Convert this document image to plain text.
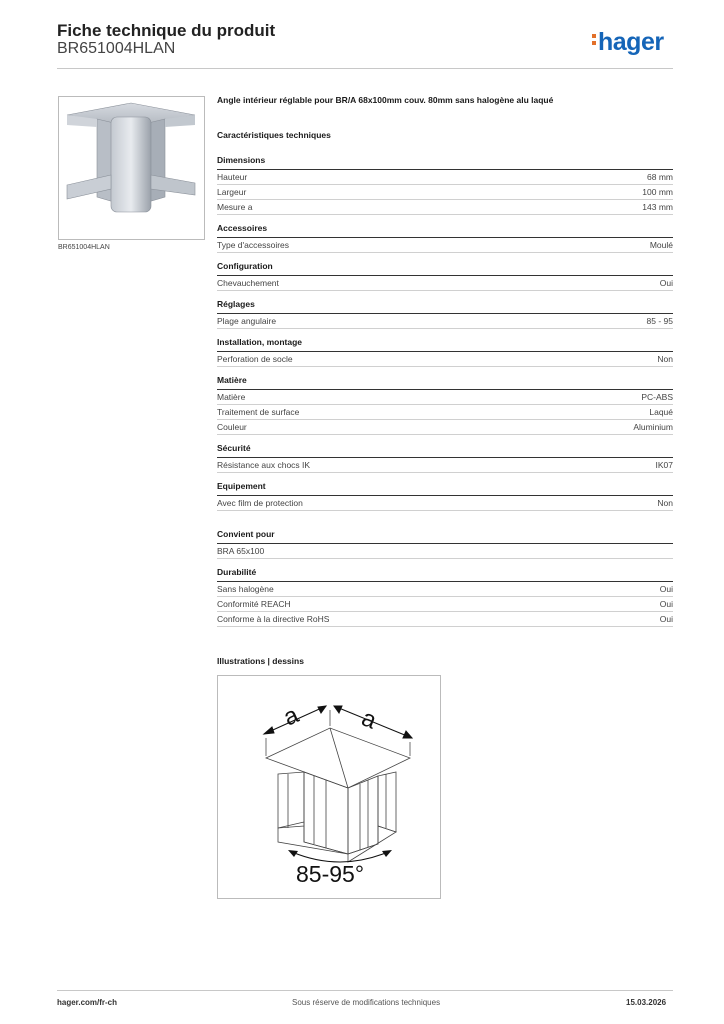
Fiche technique du produit
BR651004HLAN	hager
BR651004HLAN
Angle intérieur réglable pour BR/A 68x100mm couv. 80mm sans halogène alu laqué
Caractéristiques techniques
Dimensions
Hauteur	68 mm
Largeur	100 mm
Mesure a	143 mm
Accessoires
Type d'accessoires	Moulé
Configuration
Chevauchement	Oui
Réglages
Plage angulaire	85 - 95
Installation, montage
Perforation de socle	Non
Matière
Matière	PC-ABS
Traitement de surface	Laqué
Couleur	Aluminium
Sécurité
Résistance aux chocs IK	IK07
Equipement
Avec film de protection	Non
Convient pour
BRA 65x100
Durabilité
Sans halogène	Oui
Conformité REACH	Oui
Conforme à la directive RoHS	Oui
Illustrations | dessins
a a
85-95°
hager.com/fr-ch	Sous réserve de modifications techniques	15.03.2026
